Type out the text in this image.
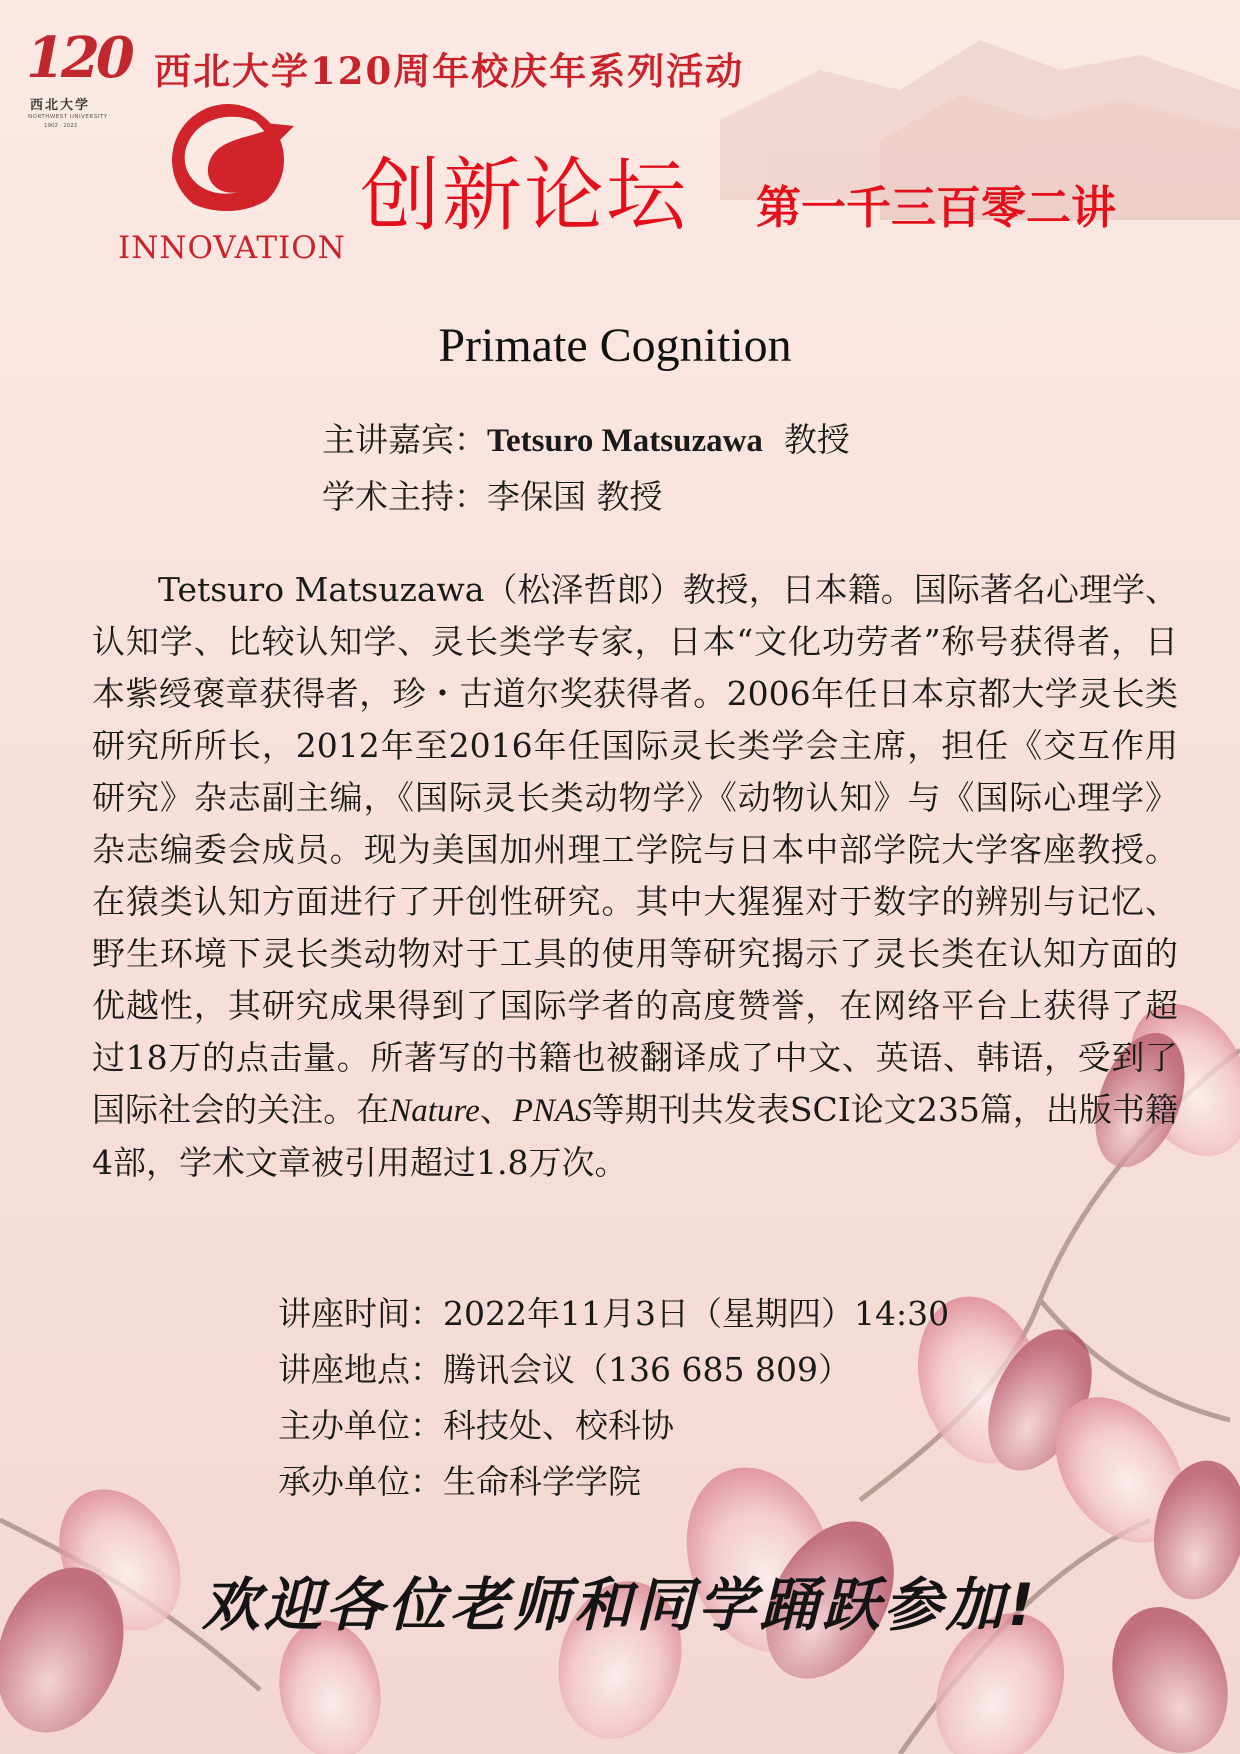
120
西北大学
NORTHWEST UNIVERSITY
1902 · 2022
西北大学120周年校庆年系列活动
INNOVATION
创新论坛 第一千三百零二讲
Primate Cognition
主讲嘉宾：Tetsuro Matsuzawa 教授
学术主持：李保国 教授
Tetsuro Matsuzawa（松泽哲郎）教授，日本籍。国际著名心理学、认知学、比较认知学、灵长类学专家，日本“文化功劳者”称号获得者，日本紫绶褒章获得者，珍・古道尔奖获得者。2006年任日本京都大学灵长类研究所所长，2012年至2016年任国际灵长类学会主席，担任《交互作用研究》杂志副主编，《国际灵长类动物学》《动物认知》与《国际心理学》杂志编委会成员。现为美国加州理工学院与日本中部学院大学客座教授。在猿类认知方面进行了开创性研究。其中大猩猩对于数字的辨别与记忆、野生环境下灵长类动物对于工具的使用等研究揭示了灵长类在认知方面的优越性，其研究成果得到了国际学者的高度赞誉，在网络平台上获得了超过18万的点击量。所著写的书籍也被翻译成了中文、英语、韩语，受到了国际社会的关注。在Nature、PNAS等期刊共发表SCI论文235篇，出版书籍4部，学术文章被引用超过1.8万次。
讲座时间：2022年11月3日（星期四）14:30
讲座地点：腾讯会议（136 685 809）
主办单位：科技处、校科协
承办单位：生命科学学院
欢迎各位老师和同学踊跃参加!
